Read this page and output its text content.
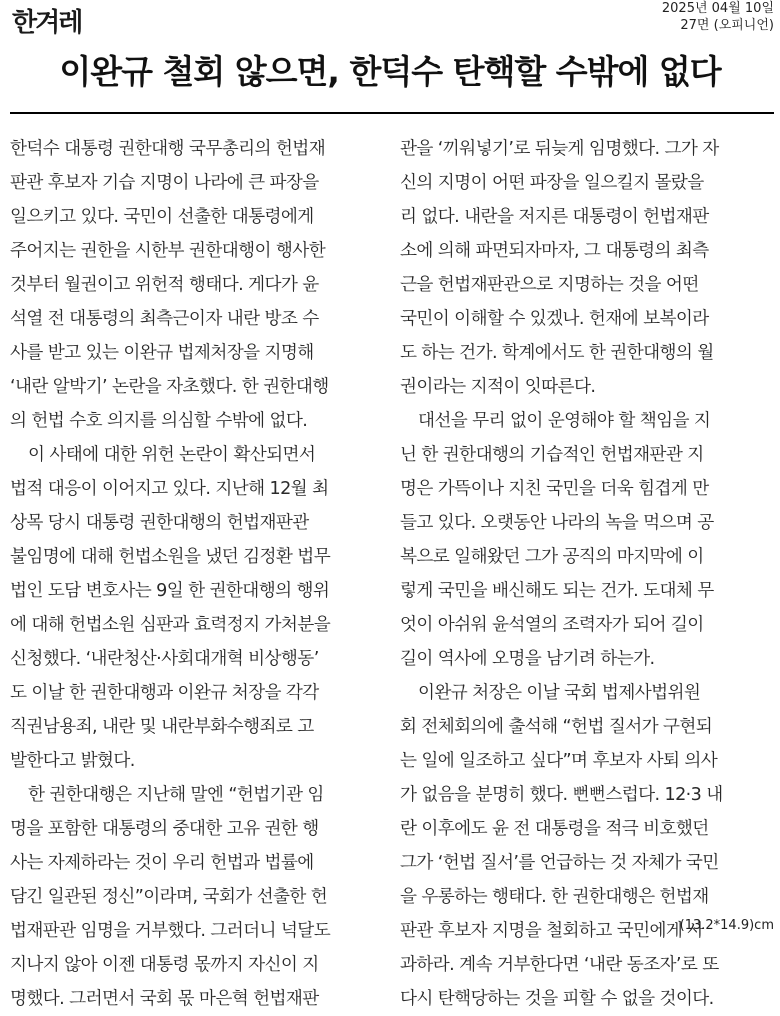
한겨레	2025년 04월 10일
27면 (오피니언)
이완규 철회 않으면, 한덕수 탄핵할 수밖에 없다
한덕수 대통령 권한대행 국무총리의 헌법재
판관 후보자 기습 지명이 나라에 큰 파장을
일으키고 있다. 국민이 선출한 대통령에게
주어지는 권한을 시한부 권한대행이 행사한
것부터 월권이고 위헌적 행태다. 게다가 윤
석열 전 대통령의 최측근이자 내란 방조 수
사를 받고 있는 이완규 법제처장을 지명해
‘내란 알박기’ 논란을 자초했다. 한 권한대행
의 헌법 수호 의지를 의심할 수밖에 없다.
이 사태에 대한 위헌 논란이 확산되면서
법적 대응이 이어지고 있다. 지난해 12월 최
상목 당시 대통령 권한대행의 헌법재판관
불임명에 대해 헌법소원을 냈던 김정환 법무
법인 도담 변호사는 9일 한 권한대행의 행위
에 대해 헌법소원 심판과 효력정지 가처분을
신청했다. ‘내란청산·사회대개혁 비상행동’
도 이날 한 권한대행과 이완규 처장을 각각
직권남용죄, 내란 및 내란부화수행죄로 고
발한다고 밝혔다.
한 권한대행은 지난해 말엔 “헌법기관 임
명을 포함한 대통령의 중대한 고유 권한 행
사는 자제하라는 것이 우리 헌법과 법률에
담긴 일관된 정신”이라며, 국회가 선출한 헌
법재판관 임명을 거부했다. 그러더니 넉달도
지나지 않아 이젠 대통령 몫까지 자신이 지
명했다. 그러면서 국회 몫 마은혁 헌법재판
관을 ‘끼워넣기’로 뒤늦게 임명했다. 그가 자
신의 지명이 어떤 파장을 일으킬지 몰랐을
리 없다. 내란을 저지른 대통령이 헌법재판
소에 의해 파면되자마자, 그 대통령의 최측
근을 헌법재판관으로 지명하는 것을 어떤
국민이 이해할 수 있겠나. 헌재에 보복이라
도 하는 건가. 학계에서도 한 권한대행의 월
권이라는 지적이 잇따른다.
대선을 무리 없이 운영해야 할 책임을 지
닌 한 권한대행의 기습적인 헌법재판관 지
명은 가뜩이나 지친 국민을 더욱 힘겹게 만
들고 있다. 오랫동안 나라의 녹을 먹으며 공
복으로 일해왔던 그가 공직의 마지막에 이
렇게 국민을 배신해도 되는 건가. 도대체 무
엇이 아쉬워 윤석열의 조력자가 되어 길이
길이 역사에 오명을 남기려 하는가.
이완규 처장은 이날 국회 법제사법위원
회 전체회의에 출석해 “헌법 질서가 구현되
는 일에 일조하고 싶다”며 후보자 사퇴 의사
가 없음을 분명히 했다. 뻔뻔스럽다. 12·3 내
란 이후에도 윤 전 대통령을 적극 비호했던
그가 ‘헌법 질서’를 언급하는 것 자체가 국민
을 우롱하는 행태다. 한 권한대행은 헌법재
판관 후보자 지명을 철회하고 국민에게 사
과하라. 계속 거부한다면 ‘내란 동조자’로 또
다시 탄핵당하는 것을 피할 수 없을 것이다.
(13.2*14.9)cm
